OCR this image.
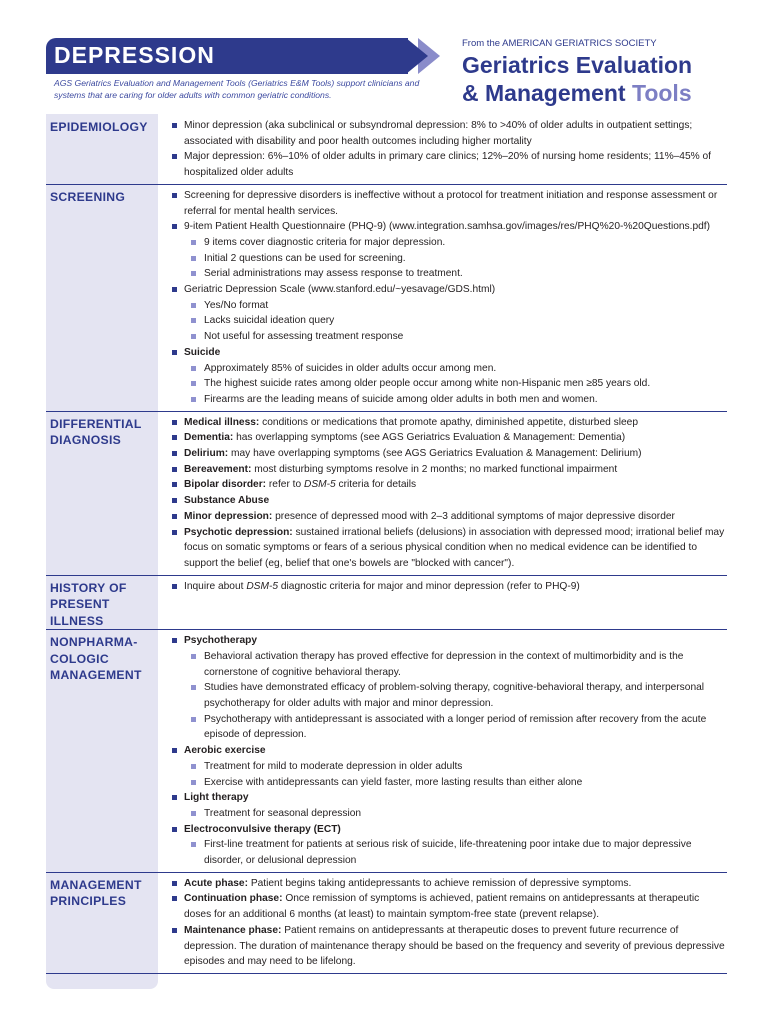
DEPRESSION
AGS Geriatrics Evaluation and Management Tools (Geriatrics E&M Tools) support clinicians and systems that are caring for older adults with common geriatric conditions.
From the AMERICAN GERIATRICS SOCIETY
Geriatrics Evaluation
& Management Tools
EPIDEMIOLOGY	Minor depression (aka subclinical or subsyndromal depression: 8% to >40% of older adults in outpatient settings; associated with disability and poor health outcomes including higher mortality
Major depression: 6%–10% of older adults in primary care clinics; 12%–20% of nursing home residents; 11%–45% of hospitalized older adults
SCREENING	Screening for depressive disorders is ineffective without a protocol for treatment initiation and response assessment or referral for mental health services.
9-item Patient Health Questionnaire (PHQ-9) (www.integration.samhsa.gov/images/res/PHQ%20-%20Questions.pdf)
9 items cover diagnostic criteria for major depression.
Initial 2 questions can be used for screening.
Serial administrations may assess response to treatment.
Geriatric Depression Scale (www.stanford.edu/~yesavage/GDS.html)
Yes/No format
Lacks suicidal ideation query
Not useful for assessing treatment response
Suicide
Approximately 85% of suicides in older adults occur among men.
The highest suicide rates among older people occur among white non-Hispanic men ≥85 years old.
Firearms are the leading means of suicide among older adults in both men and women.
DIFFERENTIAL
DIAGNOSIS
Medical illness: conditions or medications that promote apathy, diminished appetite, disturbed sleep
Dementia: has overlapping symptoms (see AGS Geriatrics Evaluation & Management: Dementia)
Delirium: may have overlapping symptoms (see AGS Geriatrics Evaluation & Management: Delirium)
Bereavement: most disturbing symptoms resolve in 2 months; no marked functional impairment
Bipolar disorder: refer to DSM-5 criteria for details
Substance Abuse
Minor depression: presence of depressed mood with 2–3 additional symptoms of major depressive disorder
Psychotic depression: sustained irrational beliefs (delusions) in association with depressed mood; irrational belief may focus on somatic symptoms or fears of a serious physical condition when no medical evidence can be identified to support the belief (eg, belief that one's bowels are "blocked with cancer").
HISTORY OF
PRESENT ILLNESS
Inquire about DSM-5 diagnostic criteria for major and minor depression (refer to PHQ-9)
NONPHARMA-
COLOGIC
MANAGEMENT
Psychotherapy
Behavioral activation therapy has proved effective for depression in the context of multimorbidity and is the cornerstone of cognitive behavioral therapy.
Studies have demonstrated efficacy of problem-solving therapy, cognitive-behavioral therapy, and interpersonal psychotherapy for older adults with major and minor depression.
Psychotherapy with antidepressant is associated with a longer period of remission after recovery from the acute episode of depression.
Aerobic exercise
Treatment for mild to moderate depression in older adults
Exercise with antidepressants can yield faster, more lasting results than either alone
Light therapy
Treatment for seasonal depression
Electroconvulsive therapy (ECT)
First-line treatment for patients at serious risk of suicide, life-threatening poor intake due to major depressive disorder, or delusional depression
MANAGEMENT
PRINCIPLES
Acute phase: Patient begins taking antidepressants to achieve remission of depressive symptoms.
Continuation phase: Once remission of symptoms is achieved, patient remains on antidepressants at therapeutic doses for an additional 6 months (at least) to maintain symptom-free state (prevent relapse).
Maintenance phase: Patient remains on antidepressants at therapeutic doses to prevent future recurrence of depression. The duration of maintenance therapy should be based on the frequency and severity of previous depressive episodes and may need to be lifelong.
